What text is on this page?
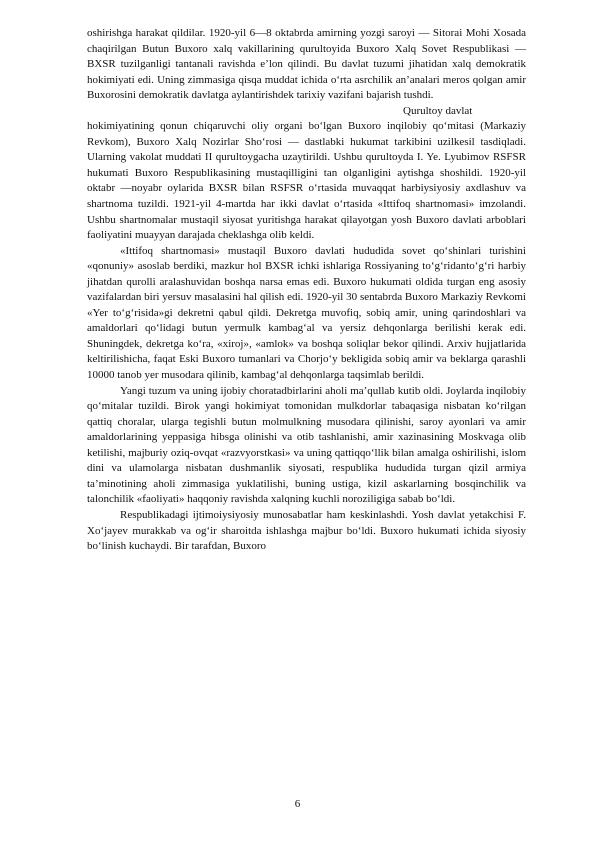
oshirishga harakat qildilar. 1920-yil 6—8 oktabrda amirning yozgi saroyi — Sitorai Mohi Xosada chaqirilgan Butun Buxoro xalq vakillarining qurultoyida Buxoro Xalq Sovet Respublikasi — BXSR tuzilganligi tantanali ravishda e’lon qilindi. Bu davlat tuzumi jihatidan xalq demokratik hokimiyati edi. Uning zimmasiga qisqa muddat ichida o‘rta asrchilik an’analari meros qolgan amir Buxorosini demokratik davlatga aylantirishdek tarixiy vazifani bajarish tushdi.

Qurultoy davlat

hokimiyatining qonun chiqaruvchi oliy organi bo‘lgan Buxoro inqilobiy qo‘mitasi (Markaziy Revkom), Buxoro Xalq Nozirlar Sho‘rosi — dastlabki hukumat tarkibini uzilkesil tasdiqladi. Ularning vakolat muddati II qurultoygacha uzaytirildi. Ushbu qurultoyda I. Ye. Lyubimov RSFSR hukumati Buxoro Respublikasining mustaqilligini tan olganligini aytishga shoshildi. 1920-yil oktabr —noyabr oylarida BXSR bilan RSFSR o‘rtasida muvaqqat harbiysiyosiy axdlashuv va shartnoma tuzildi. 1921-yil 4-martda har ikki davlat o‘rtasida «Ittifoq shartnomasi» imzolandi. Ushbu shartnomalar mustaqil siyosat yuritishga harakat qilayotgan yosh Buxoro davlati arboblari faoliyatini muayyan darajada cheklashga olib keldi.

«Ittifoq shartnomasi» mustaqil Buxoro davlati hududida sovet qo‘shinlari turishini «qonuniy» asoslab berdiki, mazkur hol BXSR ichki ishlariga Rossiyaning to‘g‘ridanto‘g‘ri harbiy jihatdan qurolli aralashuvidan boshqa narsa emas edi. Buxoro hukumati oldida turgan eng asosiy vazifalardan biri yersuv masalasini hal qilish edi. 1920-yil 30 sentabrda Buxoro Markaziy Revkomi «Yer to‘g‘risida»gi dekretni qabul qildi. Dekretga muvofiq, sobiq amir, uning qarindoshlari va amaldorlari qo‘lidagi butun yermulk kambag‘al va yersiz dehqonlarga berilishi kerak edi. Shuningdek, dekretga ko‘ra, «xiroj», «amlok» va boshqa soliqlar bekor qilindi. Arxiv hujjatlarida keltirilishicha, faqat Eski Buxoro tumanlari va Chorjo‘y bekligida sobiq amir va beklarga qarashli 10000 tanob yer musodara qilinib, kambag‘al dehqonlarga taqsimlab berildi.

Yangi tuzum va uning ijobiy choratadbirlarini aholi ma’qullab kutib oldi. Joylarda inqilobiy qo‘mitalar tuzildi. Birok yangi hokimiyat tomonidan mulkdorlar tabaqasiga nisbatan ko‘rilgan qattiq choralar, ularga tegishli butun molmulkning musodara qilinishi, saroy ayonlari va amir amaldorlarining yeppasiga hibsga olinishi va otib tashlanishi, amir xazinasining Moskvaga olib ketilishi, majburiy oziq-ovqat «razvyorstkasi» va uning qattiqqo‘llik bilan amalga oshirilishi, islom dini va ulamolarga nisbatan dushmanlik siyosati, respublika hududida turgan qizil armiya ta’minotining aholi zimmasiga yuklatilishi, buning ustiga, kizil askarlarning bosqinchilik va talonchilik «faoliyati» haqqoniy ravishda xalqning kuchli noroziligiga sabab bo‘ldi.

Respublikadagi ijtimoiysiyosiy munosabatlar ham keskinlashdi. Yosh davlat yetakchisi F. Xo‘jayev murakkab va og‘ir sharoitda ishlashga majbur bo‘ldi. Buxoro hukumati ichida siyosiy bo‘linish kuchaydi. Bir tarafdan, Buxoro

6
